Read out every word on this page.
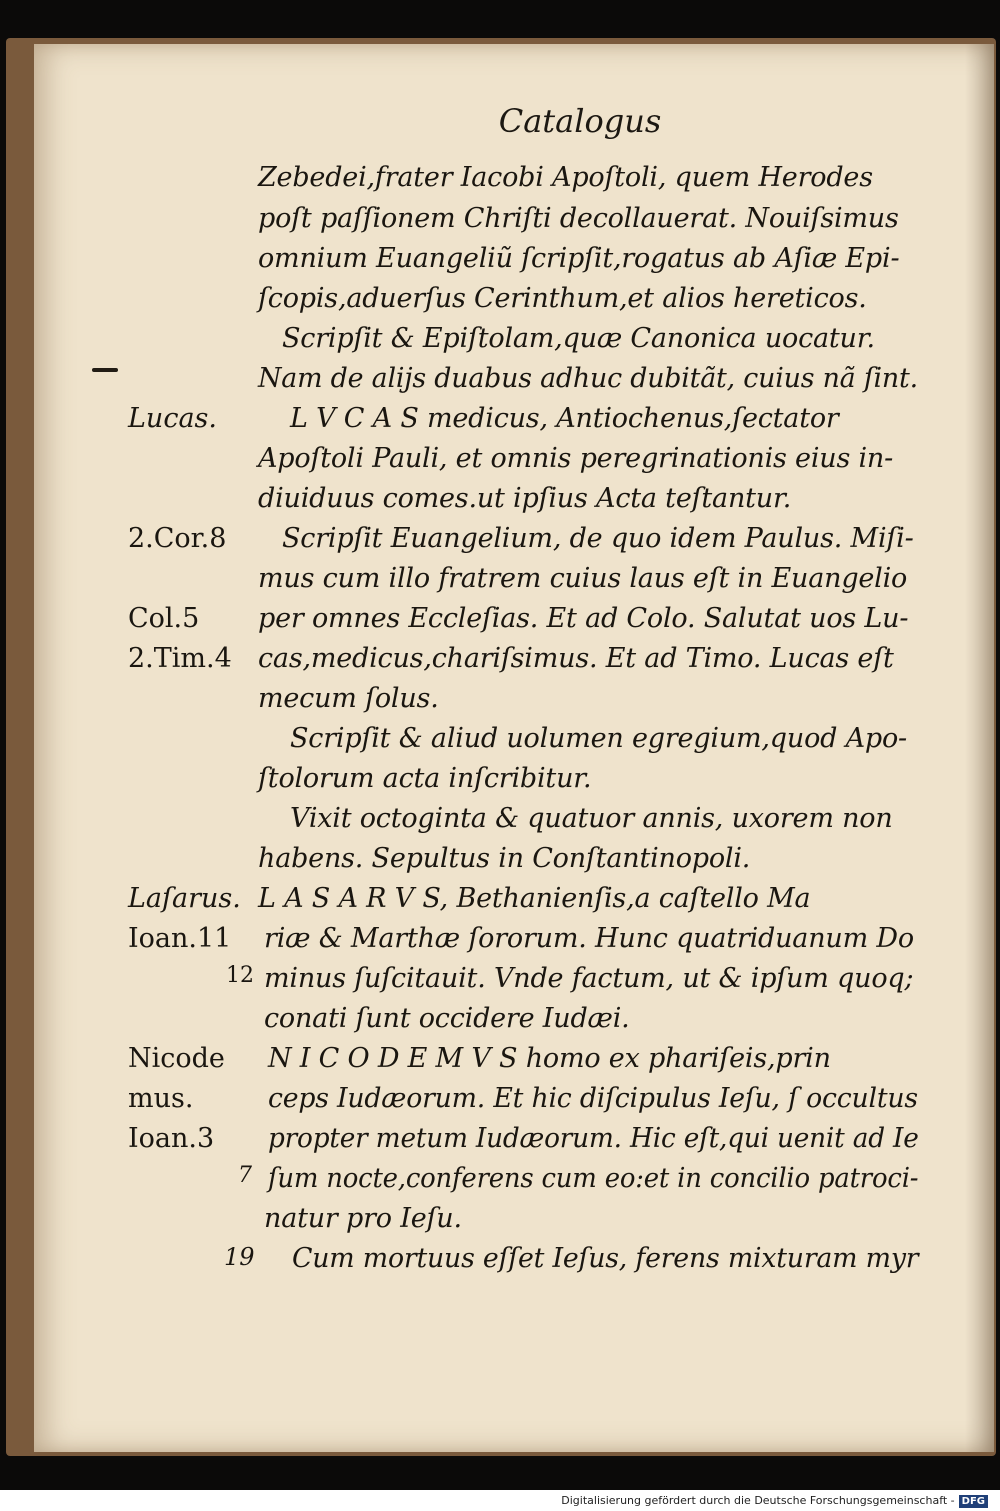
Catalogus
Zebedei,frater Iacobi Apoſtoli, quem Herodes
poſt paſſionem Chriſti decollauerat. Nouiſsimus
omnium Euangeliũ ſcripſit,rogatus ab Aſiæ Epi-
ſcopis,aduerſus Cerinthum,et alios hereticos.
Scripſit & Epiſtolam,quæ Canonica uocatur.
Nam de alijs duabus adhuc dubitãt, cuius nã ſint.
L V C A S medicus, Antiochenus,ſectator
Apoſtoli Pauli, et omnis peregrinationis eius in-
diuiduus comes.ut ipſius Acta teſtantur.
Scripſit Euangelium, de quo idem Paulus. Miſi-
mus cum illo fratrem cuius laus eſt in Euangelio
per omnes Eccleſias. Et ad Colo. Salutat uos Lu-
cas,medicus,chariſsimus. Et ad Timo. Lucas eſt
mecum ſolus.
Scripſit & aliud uolumen egregium,quod Apo-
ſtolorum acta inſcribitur.
Vixit octoginta & quatuor annis, uxorem non
habens. Sepultus in Conſtantinopoli.
L A S A R V S, Bethanienſis,a caſtello Ma
riæ & Marthæ ſororum. Hunc quatriduanum Do
minus ſuſcitauit. Vnde factum, ut & ipſum quoq;
conati ſunt occidere Iudæi.
N I C O D E M V S homo ex phariſeis,prin
ceps Iudæorum. Et hic diſcipulus Ieſu, ſ occultus
propter metum Iudæorum. Hic eſt,qui uenit ad Ie
ſum nocte,conferens cum eo:et in concilio patroci-
natur pro Ieſu.
Cum mortuus eſſet Ieſus, ferens mixturam myr
Lucas.
2.Cor.8
Col.5
2.Tim.4
Laſarus.
Ioan.11
12
Nicode
mus.
Ioan.3
7
19
Digitalisierung gefördert durch die Deutsche Forschungsgemeinschaft - DFG
